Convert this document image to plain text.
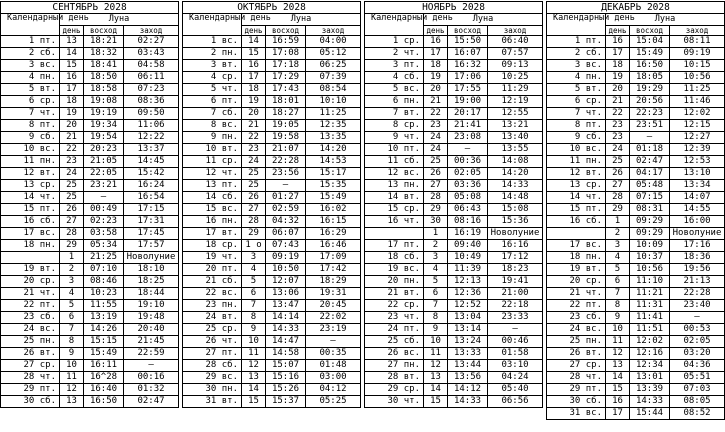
СЕНТЯБРЬ 2028			
Календарный день	Луна		
	день	восход	заход
1 пт.	13	18:21	02:27
2 сб.	14	18:32	03:43
3 вс.	15	18:41	04:58
4 пн.	16	18:50	06:11
5 вт.	17	18:58	07:23
6 ср.	18	19:08	08:36
7 чт.	19	19:19	09:50
8 пт.	20	19:34	11:06
9 сб.	21	19:54	12:22
10 вс.	22	20:23	13:37
11 пн.	23	21:05	14:45
12 вт.	24	22:05	15:42
13 ср.	25	23:21	16:24
14 чт.	25	–	16:54
15 пт.	26	00:49	17:15
16 сб.	27	02:23	17:31
17 вс.	28	03:58	17:45
18 пн.	29	05:34	17:57
	1	21:25	Новолуние
19 вт.	2	07:10	18:10
20 ср.	3	08:46	18:25
21 чт.	4	10:23	18:44
22 пт.	5	11:55	19:10
23 сб.	6	13:19	19:48
24 вс.	7	14:26	20:40
25 пн.	8	15:15	21:45
26 вт.	9	15:49	22:59
27 ср.	10	16:11	–
28 чт.	11	16^28	00:16
29 пт.	12	16:40	01:32
30 сб.	13	16:50	02:47
ОКТЯБРЬ 2028			
Календарный день	Луна		
	день	восход	заход
1 вс.	14	16:59	04:00
2 пн.	15	17:08	05:12
3 вт.	16	17:18	06:25
4 ср.	17	17:29	07:39
5 чт.	18	17:43	08:54
6 пт.	19	18:01	10:10
7 сб.	20	18:27	11:25
8 вс.	21	19:05	12:35
9 пн.	22	19:58	13:35
10 вт.	23	21:07	14:20
11 ср.	24	22:28	14:53
12 чт.	25	23:56	15:17
13 пт.	25	–	15:35
14 сб.	26	01:27	15:49
15 вс.	27	02:59	16:02
16 пн.	28	04:32	16:15
17 вт.	29	06:07	16:29
18 ср.	1 о	07:43	16:46
19 чт.	3	09:19	17:09
20 пт.	4	10:50	17:42
21 сб.	5	12:07	18:29
22 вс.	6	13:06	19:31
23 пн.	7	13:47	20:45
24 вт.	8	14:14	22:02
25 ср.	9	14:33	23:19
26 чт.	10	14:47	–
27 пт.	11	14:58	00:35
28 сб.	12	15:07	01:48
29 вс.	13	15:16	03:00
30 пн.	14	15:26	04:12
31 вт.	15	15:37	05:25
НОЯБРЬ 2028			
Календарный день	Луна		
	день	восход	заход
1 ср.	16	15:50	06:40
2 чт.	17	16:07	07:57
3 пт.	18	16:32	09:13
4 сб.	19	17:06	10:25
5 вс.	20	17:55	11:29
6 пн.	21	19:00	12:19
7 вт.	22	20:17	12:55
8 ср.	23	21:41	13:21
9 чт.	24	23:08	13:40
10 пт.	24	–	13:55
11 сб.	25	00:36	14:08
12 вс.	26	02:05	14:20
13 пн.	27	03:36	14:33
14 вт.	28	05:08	14:48
15 ср.	29	06:43	15:08
16 чт.	30	08:16	15:36
	1	16:19	Новолуние
17 пт.	2	09:40	16:16
18 сб.	3	10:49	17:12
19 вс.	4	11:39	18:23
20 пн.	5	12:13	19:41
21 вт.	6	12:36	21:00
22 ср.	7	12:52	22:18
23 чт.	8	13:04	23:33
24 пт.	9	13:14	–
25 сб.	10	13:24	00:46
26 вс.	11	13:33	01:58
27 пн.	12	13:44	03:10
28 вт.	13	13:56	04:24
29 ср.	14	14:12	05:40
30 чт.	15	14:33	06:56
ДЕКАБРЬ 2028			
Календарный день	Луна		
	день	восход	заход
1 пт.	16	15:04	08:11
2 сб.	17	15:49	09:19
3 вс.	18	16:50	10:15
4 пн.	19	18:05	10:56
5 вт.	20	19:29	11:25
6 ср.	21	20:56	11:46
7 чт.	22	22:23	12:02
8 пт.	23	23:51	12:15
9 сб.	23	–	12:27
10 вс.	24	01:18	12:39
11 пн.	25	02:47	12:53
12 вт.	26	04:17	13:10
13 ср.	27	05:48	13:34
14 чт.	28	07:15	14:07
15 пт.	29	08:31	14:55
16 сб.	1	09:29	16:00
	2	09:29	Новолуние
17 вс.	3	10:09	17:16
18 пн.	4	10:37	18:36
19 вт.	5	10:56	19:56
20 ср.	6	11:10	21:13
21 чт.	7	11:21	22:28
22 пт.	8	11:31	23:40
23 сб.	9	11:41	–
24 вс.	10	11:51	00:53
25 пн.	11	12:02	02:05
26 вт.	12	12:16	03:20
27 ср.	13	12:34	04:36
28 чт.	14	13:01	05:51
29 пт.	15	13:39	07:03
30 сб.	16	14:33	08:05
31 вс.	17	15:44	08:52
